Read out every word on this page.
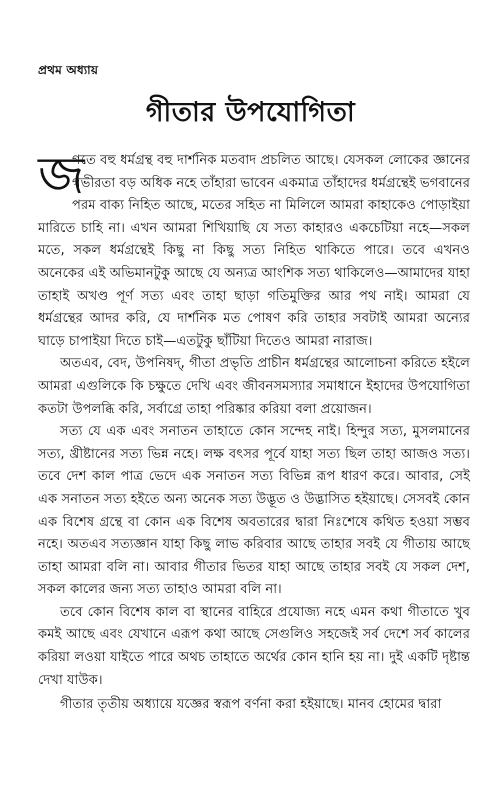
প্রথম অধ্যায়
গীতার উপযোগিতা

জ
গতে বহু ধর্মগ্রন্থ বহু দার্শনিক মতবাদ প্রচলিত আছে। যেসকল লোকের জ্ঞানের গভীরতা বড় অধিক নহে তাঁহারা ভাবেন একমাত্র তাঁহাদের ধর্মগ্রন্থেই ভগবানের পরম বাক্য নিহিত আছে, মতের সহিত না মিলিলে আমরা কাহাকেও পোড়াইয়া মারিতে চাহি না। এখন আমরা শিখিয়াছি যে সত্য কাহারও একচেটিয়া নহে—সকল মতে, সকল ধর্মগ্রন্থেই কিছু না কিছু সত্য নিহিত থাকিতে পারে। তবে এখনও অনেকের এই অভিমানটুকু আছে যে অন্যত্র আংশিক সত্য থাকিলেও—আমাদের যাহা তাহাই অখণ্ড পূর্ণ সত্য এবং তাহা ছাড়া গতিমুক্তির আর পথ নাই। আমরা যে ধর্মগ্রন্থের আদর করি, যে দার্শনিক মত পোষণ করি তাহার সবটাই আমরা অন্যের ঘাড়ে চাপাইয়া দিতে চাই—এতটুকু ছাঁটিয়া দিতেও আমরা নারাজ।

অতএব, বেদ, উপনিষদ্, গীতা প্রভৃতি প্রাচীন ধর্মগ্রন্থের আলোচনা করিতে হইলে আমরা এগুলিকে কি চক্ষুতে দেখি এবং জীবনসমস্যার সমাধানে ইহাদের উপযোগিতা কতটা উপলব্ধি করি, সর্বাগ্রে তাহা পরিষ্কার করিয়া বলা প্রয়োজন।

সত্য যে এক এবং সনাতন তাহাতে কোন সন্দেহ নাই। হিন্দুর সত্য, মুসলমানের সত্য, খ্রীষ্টানের সত্য ভিন্ন নহে। লক্ষ বৎসর পূর্বে যাহা সত্য ছিল তাহা আজও সত্য। তবে দেশ কাল পাত্র ভেদে এক সনাতন সত্য বিভিন্ন রূপ ধারণ করে। আবার, সেই এক সনাতন সত্য হইতে অন্য অনেক সত্য উদ্ভূত ও উদ্ভাসিত হইয়াছে। সেসবই কোন এক বিশেষ গ্রন্থে বা কোন এক বিশেষ অবতারের দ্বারা নিঃশেষে কথিত হওয়া সম্ভব নহে। অতএব সত্যজ্ঞান যাহা কিছু লাভ করিবার আছে তাহার সবই যে গীতায় আছে তাহা আমরা বলি না। আবার গীতার ভিতর যাহা আছে তাহার সবই যে সকল দেশ, সকল কালের জন্য সত্য তাহাও আমরা বলি না।

তবে কোন বিশেষ কাল বা স্থানের বাহিরে প্রযোজ্য নহে এমন কথা গীতাতে খুব কমই আছে এবং যেখানে এরূপ কথা আছে সেগুলিও সহজেই সর্ব দেশে সর্ব কালের করিয়া লওয়া যাইতে পারে অথচ তাহাতে অর্থের কোন হানি হয় না। দুই একটি দৃষ্টান্ত দেখা যাউক।

গীতার তৃতীয় অধ্যায়ে যজ্ঞের স্বরূপ বর্ণনা করা হইয়াছে। মানব হোমের দ্বারা
